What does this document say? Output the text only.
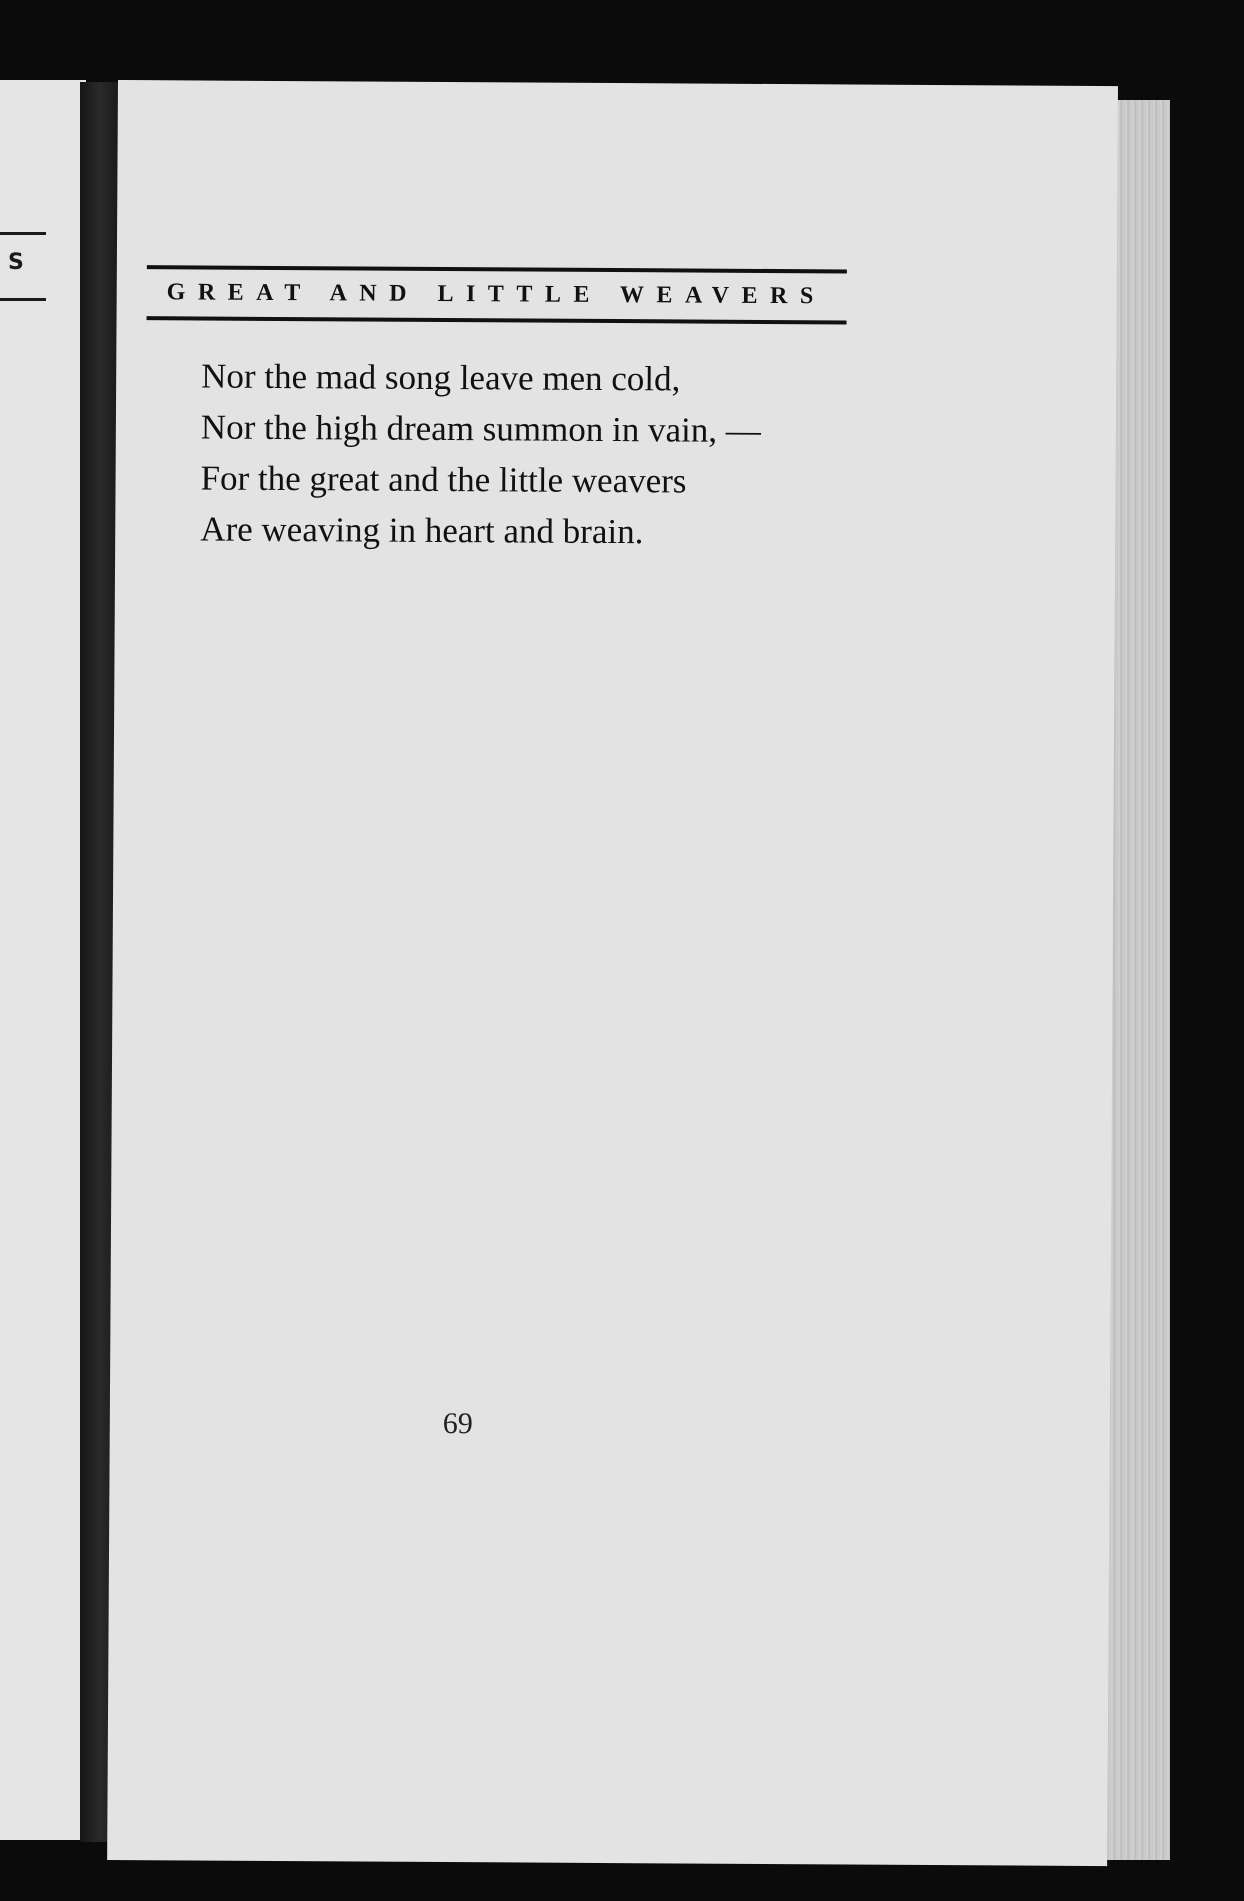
S
GREAT AND LITTLE WEAVERS
Nor the mad song leave men cold,
Nor the high dream summon in vain, —
For the great and the little weavers
Are weaving in heart and brain.
69
